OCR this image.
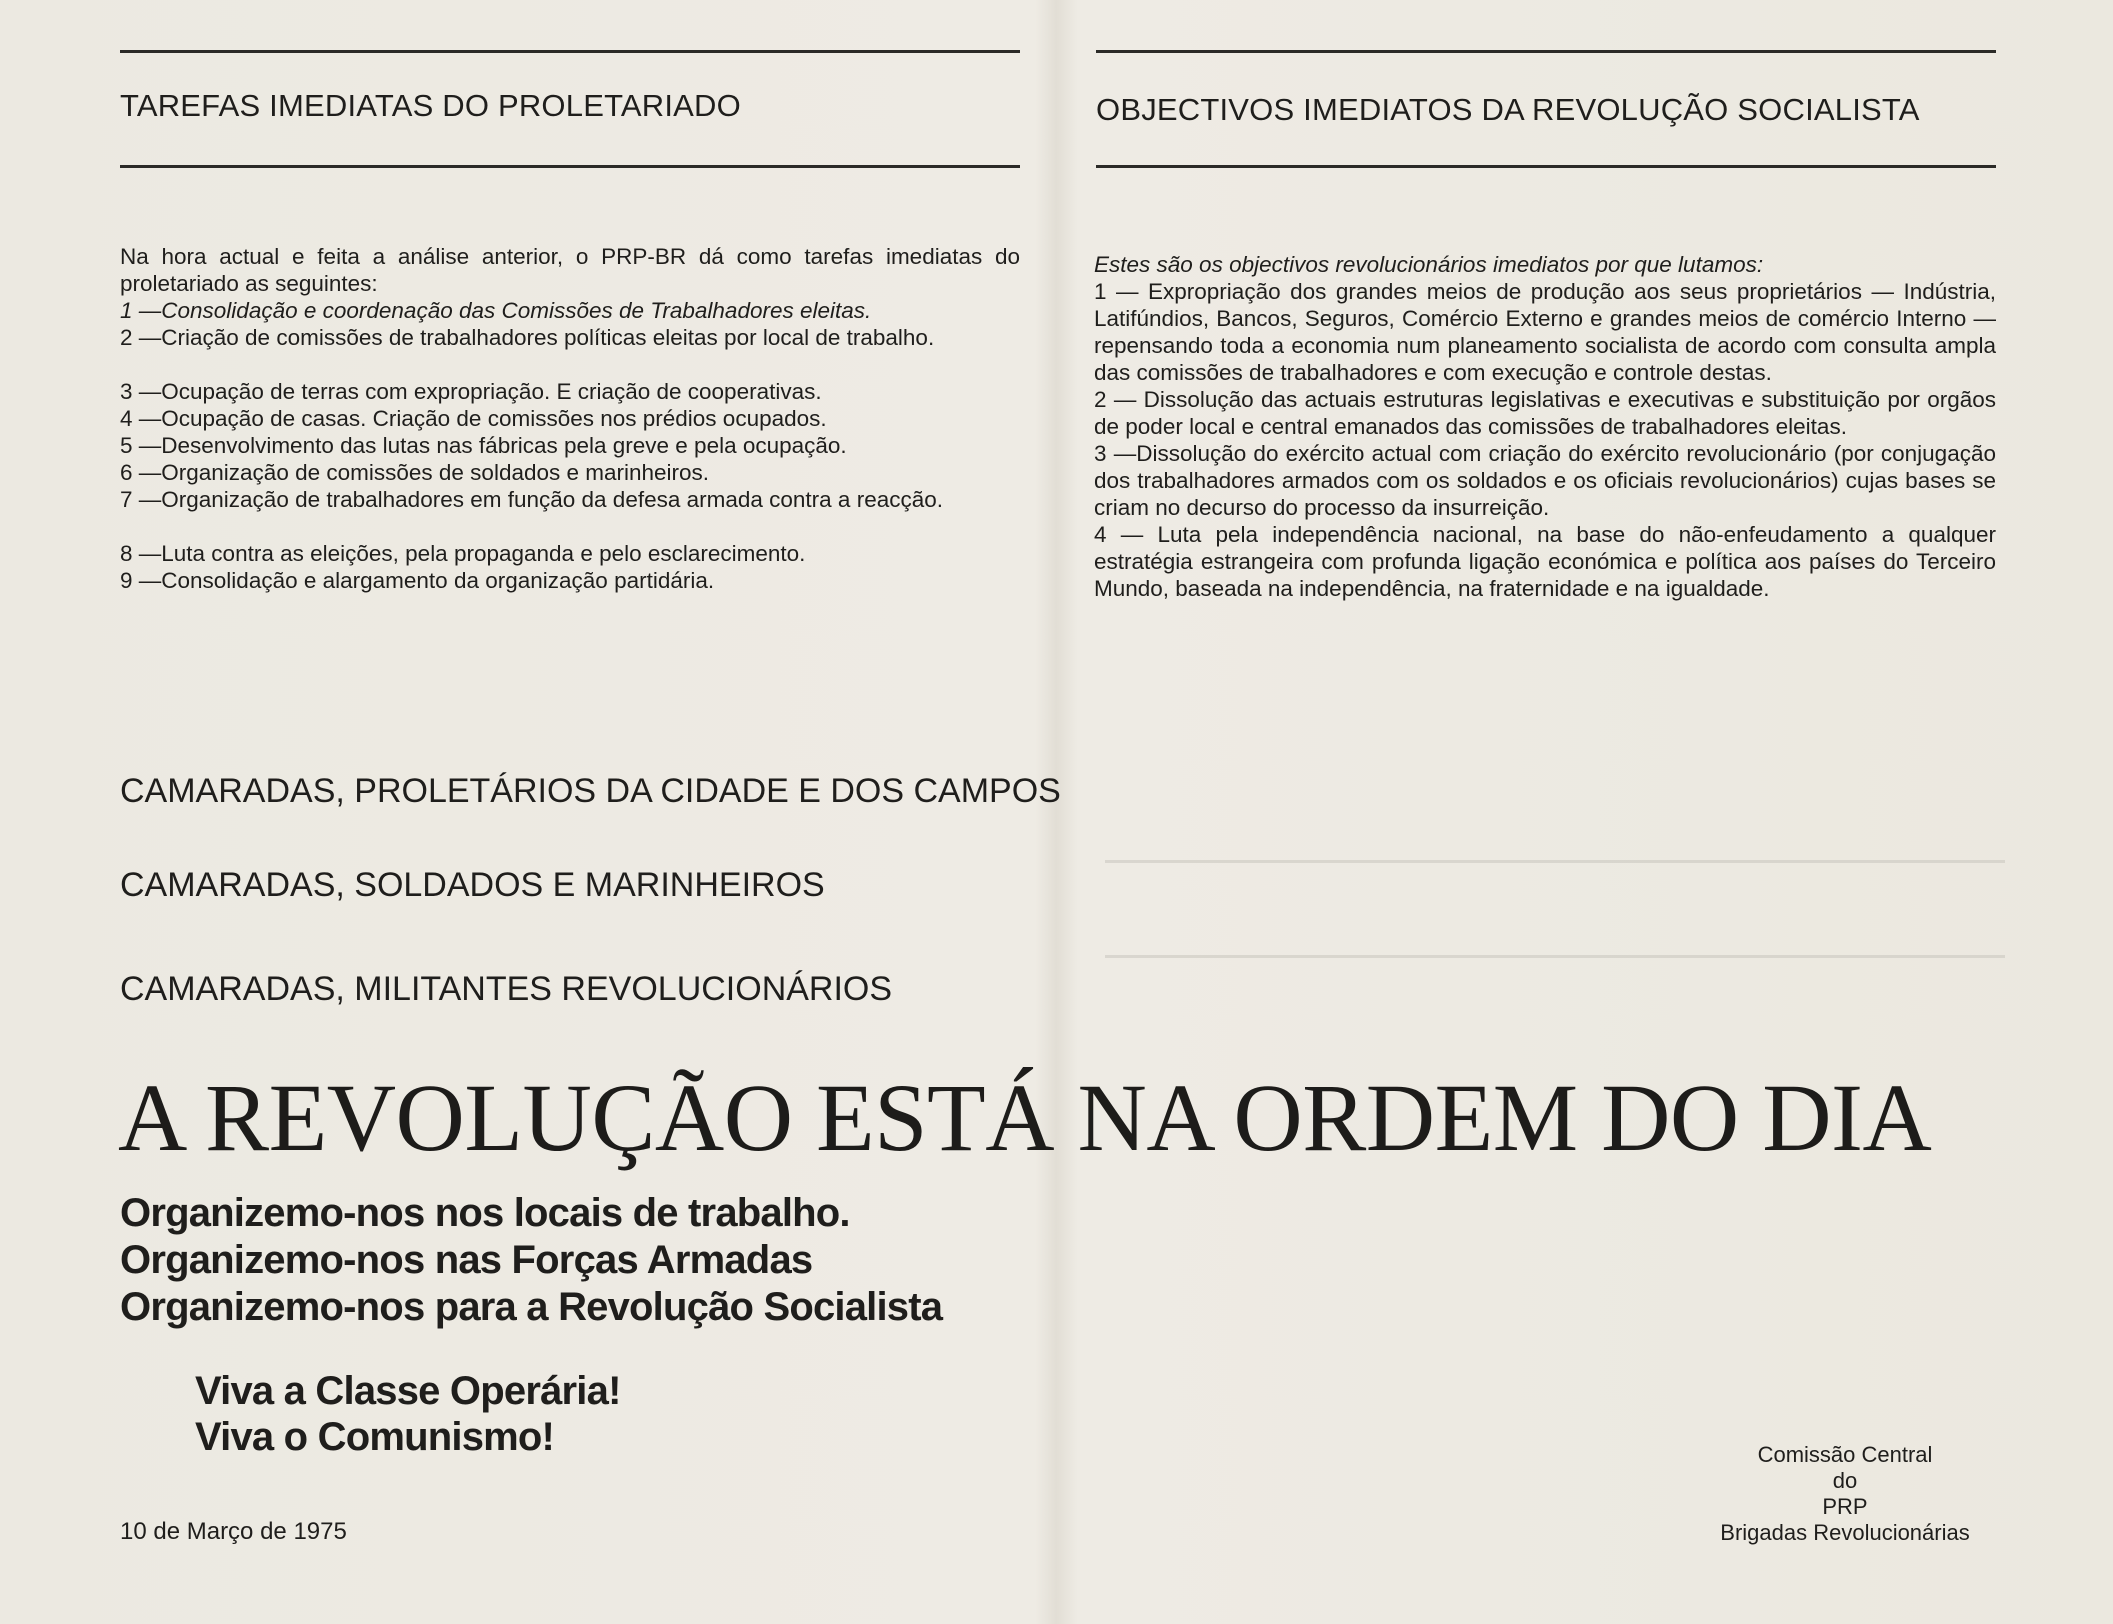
TAREFAS IMEDIATAS DO PROLETARIADO	OBJECTIVOS IMEDIATOS DA REVOLUÇÃO SOCIALISTA

Na hora actual e feita a análise anterior, o PRP-BR dá como tarefas imediatas do proletariado as seguintes:

1 —Consolidação e coordenação das Comissões de Trabalhadores eleitas.

2 —Criação de comissões de trabalhadores políticas eleitas por local de trabalho.

3 —Ocupação de terras com expropriação. E criação de cooperativas.

4 —Ocupação de casas. Criação de comissões nos prédios ocupados.

5 —Desenvolvimento das lutas nas fábricas pela greve e pela ocupação.

6 —Organização de comissões de soldados e marinheiros.

7 —Organização de trabalhadores em função da defesa armada contra a reacção.

8 —Luta contra as eleições, pela propaganda e pelo esclarecimento.

9 —Consolidação e alargamento da organização partidária.

Estes são os objectivos revolucionários imediatos por que lutamos:

1 — Expropriação dos grandes meios de produção aos seus proprietários — Indústria, Latifúndios, Bancos, Seguros, Comércio Externo e grandes meios de comércio Interno —repensando toda a economia num planeamento socialista de acordo com consulta ampla das comissões de trabalhadores e com execução e controle destas.

2 — Dissolução das actuais estruturas legislativas e executivas e substituição por orgãos de poder local e central emanados das comissões de trabalhadores eleitas.

3 —Dissolução do exército actual com criação do exército revolucionário (por conjugação dos trabalhadores armados com os soldados e os oficiais revolucionários) cujas bases se criam no decurso do processo da insurreição.

4 — Luta pela independência nacional, na base do não-enfeudamento a qualquer estratégia estrangeira com profunda ligação económica e política aos países do Terceiro Mundo, baseada na independência, na fraternidade e na igualdade.

CAMARADAS, PROLETÁRIOS DA CIDADE E DOS CAMPOS
CAMARADAS, SOLDADOS E MARINHEIROS
CAMARADAS, MILITANTES REVOLUCIONÁRIOS
A REVOLUÇÃO ESTÁ NA ORDEM DO DIA
Organizemo-nos nos locais de trabalho.
Organizemo-nos nas Forças Armadas
Organizemo-nos para a Revolução Socialista
Viva a Classe Operária!
Viva o Comunismo!
10 de Março de 1975
Comissão Central
do
PRP
Brigadas Revolucionárias
